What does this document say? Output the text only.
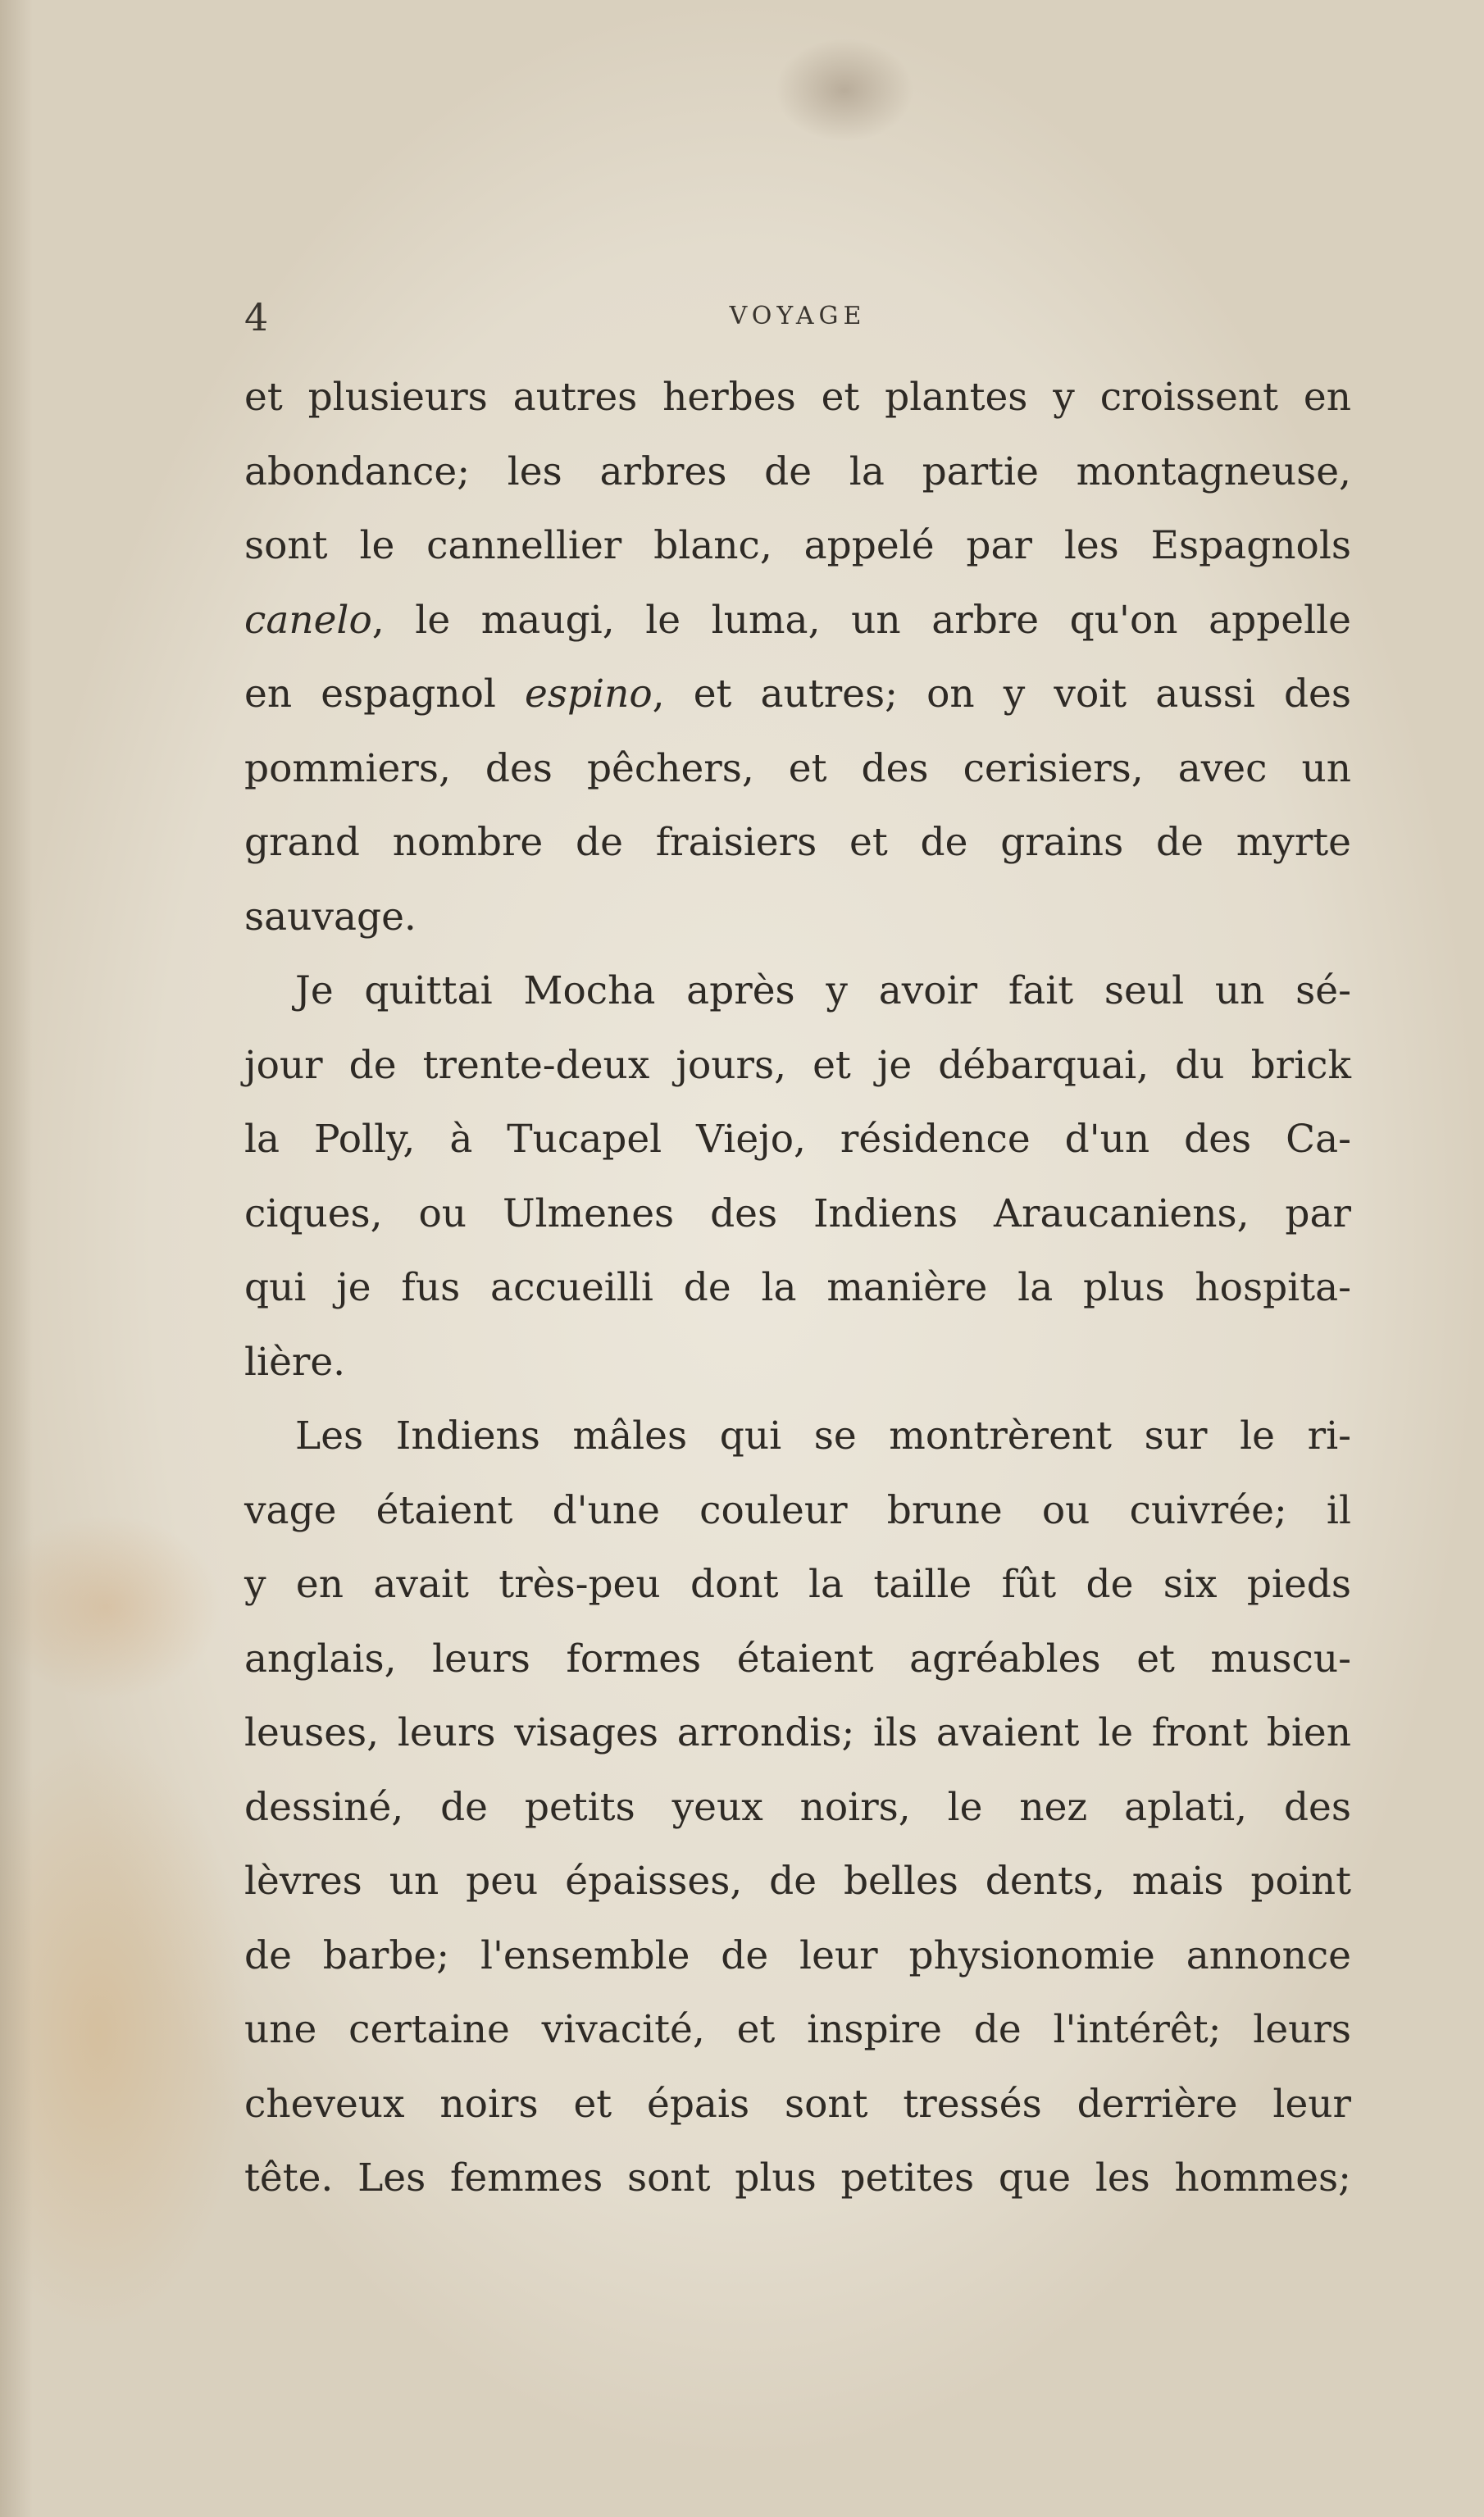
4	VOYAGE
et plusieurs autres herbes et plantes y croissent en
abondance; les arbres de la partie montagneuse,
sont le cannellier blanc, appelé par les Espagnols
canelo, le maugi, le luma, un arbre qu'on appelle
en espagnol espino, et autres; on y voit aussi des
pommiers, des pêchers, et des cerisiers, avec un
grand nombre de fraisiers et de grains de myrte
sauvage.
Je quittai Mocha après y avoir fait seul un sé-
jour de trente-deux jours, et je débarquai, du brick
la Polly, à Tucapel Viejo, résidence d'un des Ca-
ciques, ou Ulmenes des Indiens Araucaniens, par
qui je fus accueilli de la manière la plus hospita-
lière.
Les Indiens mâles qui se montrèrent sur le ri-
vage étaient d'une couleur brune ou cuivrée; il
y en avait très-peu dont la taille fût de six pieds
anglais, leurs formes étaient agréables et muscu-
leuses, leurs visages arrondis; ils avaient le front bien
dessiné, de petits yeux noirs, le nez aplati, des
lèvres un peu épaisses, de belles dents, mais point
de barbe; l'ensemble de leur physionomie annonce
une certaine vivacité, et inspire de l'intérêt; leurs
cheveux noirs et épais sont tressés derrière leur
tête. Les femmes sont plus petites que les hommes;
